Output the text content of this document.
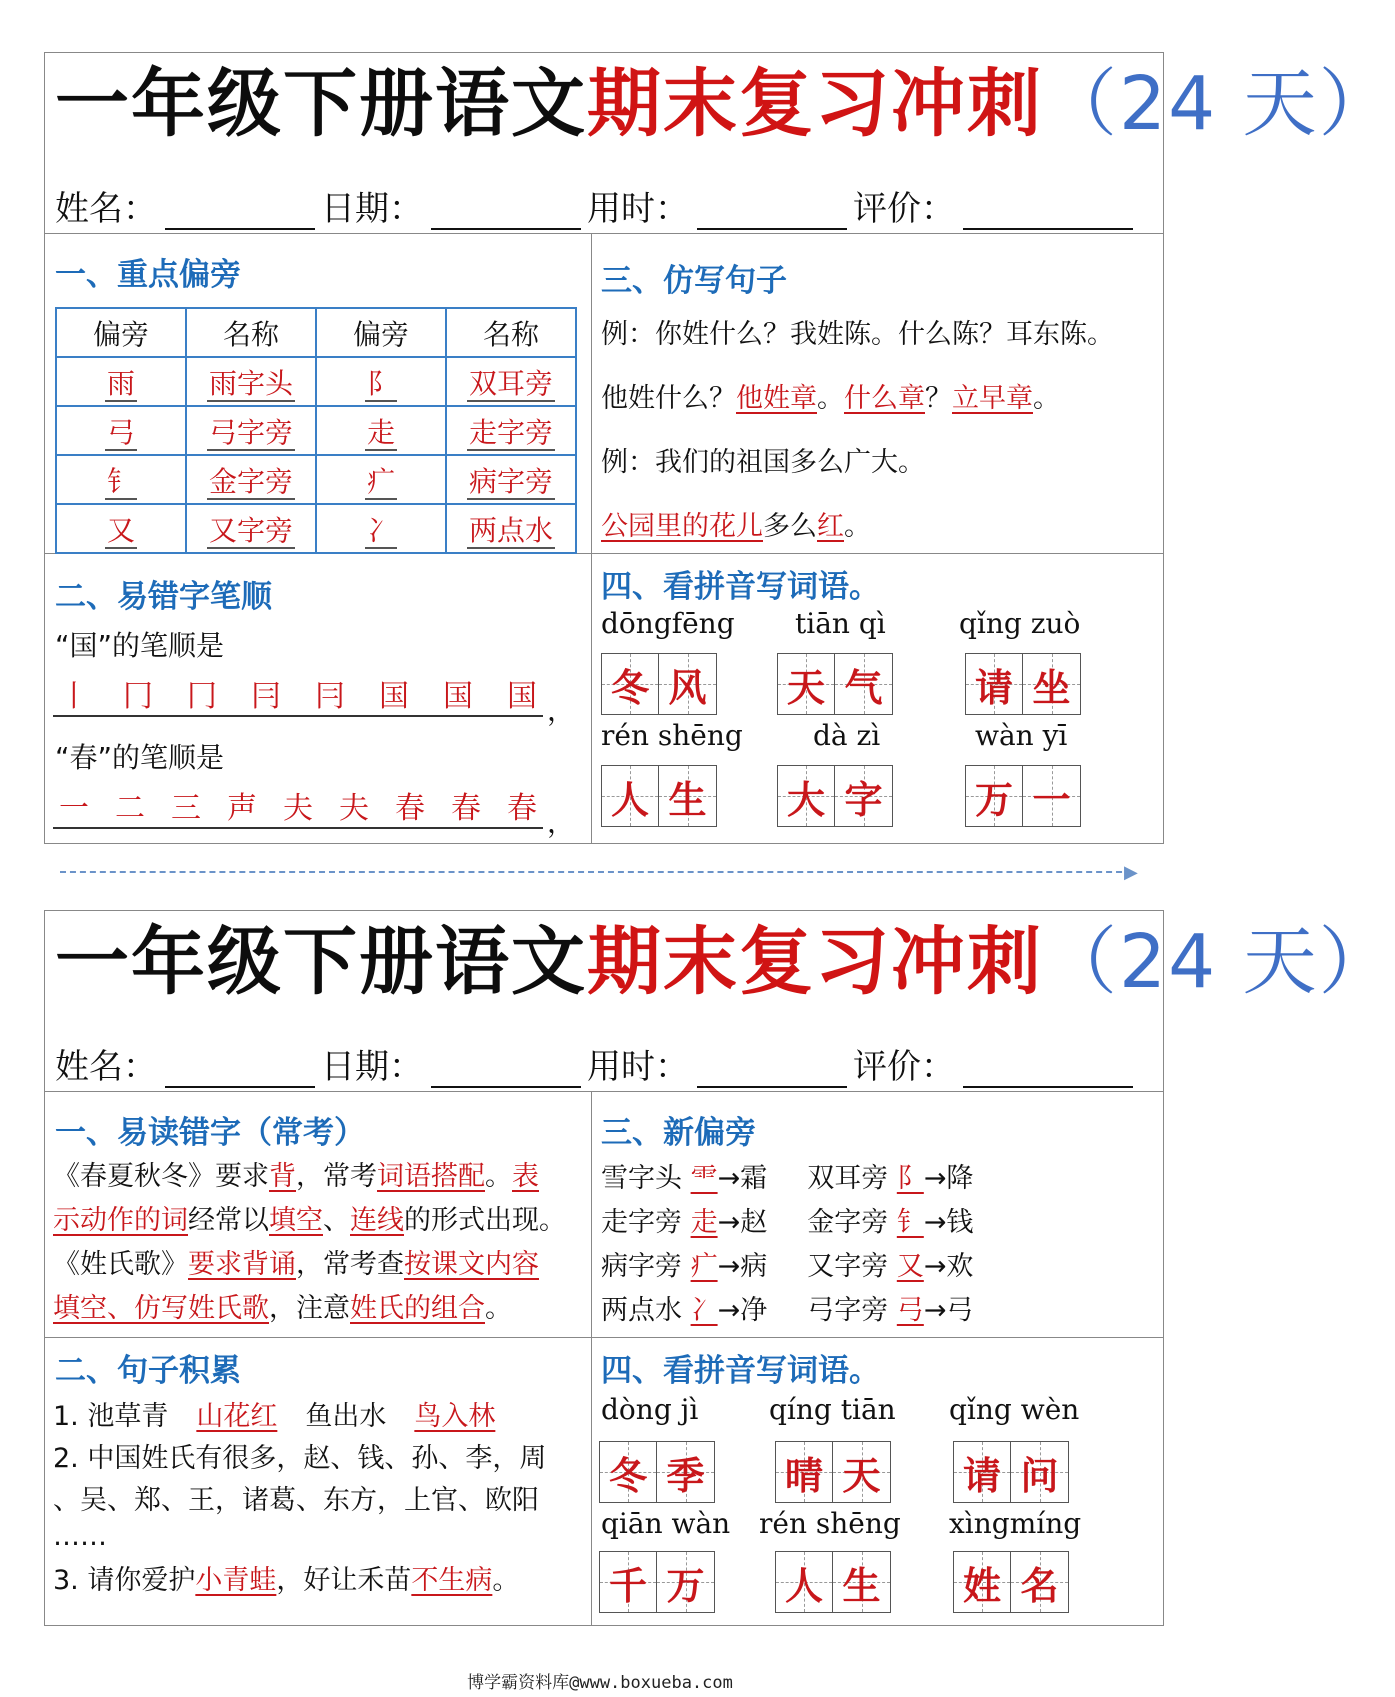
一年级下册语文期末复习冲刺（24 天）
姓名：	日期：	用时：	评价：
一、重点偏旁
偏旁	名称	偏旁	名称
雨	雨字头	阝	双耳旁
弓	弓字旁	走	走字旁
钅	金字旁	疒	病字旁
又	又字旁	冫	两点水
二、易错字笔顺
“国”的笔顺是
丨 冂 冂 冃 冃 国 国 国 ，
“春”的笔顺是
一 二 三 声 夫 夫 春 春 春 ，
三、仿写句子
例：你姓什么？我姓陈。什么陈？耳东陈。
他姓什么？他姓章。什么章？立早章。
例：我们的祖国多么广大。
公园里的花儿多么红。
四、看拼音写词语。
dōngfēng
冬 风
tiān qì
天 气
qǐng zuò
请 坐
rén shēng
人 生
dà zì
大 字
wàn yī
万 一
▶
一年级下册语文期末复习冲刺（24 天）
姓名：	日期：	用时：	评价：
一、易读错字（常考）
《春夏秋冬》要求背，常考词语搭配。表
示动作的词经常以填空、连线的形式出现。
《姓氏歌》要求背诵，常考查按课文内容
填空、仿写姓氏歌，注意姓氏的组合。
二、句子积累
1. 池草青 山花红 鱼出水 鸟入林
2. 中国姓氏有很多，赵、钱、孙、李，周
、吴、郑、王，诸葛、东方，上官、欧阳
……
3. 请你爱护小青蛙，好让禾苗不生病。
三、新偏旁
雪字头 ⻗→霜 双耳旁 阝→降
走字旁 走→赵 金字旁 钅→钱
病字旁 疒→病 又字旁 又→欢
两点水 冫→净 弓字旁 弓→弓
四、看拼音写词语。
dòng jì
冬 季
qíng tiān
晴 天
qǐng wèn
请 问
qiān wàn
千 万
rén shēng
人 生
xìngmíng
姓 名
博学霸资料库@www.boxueba.com
